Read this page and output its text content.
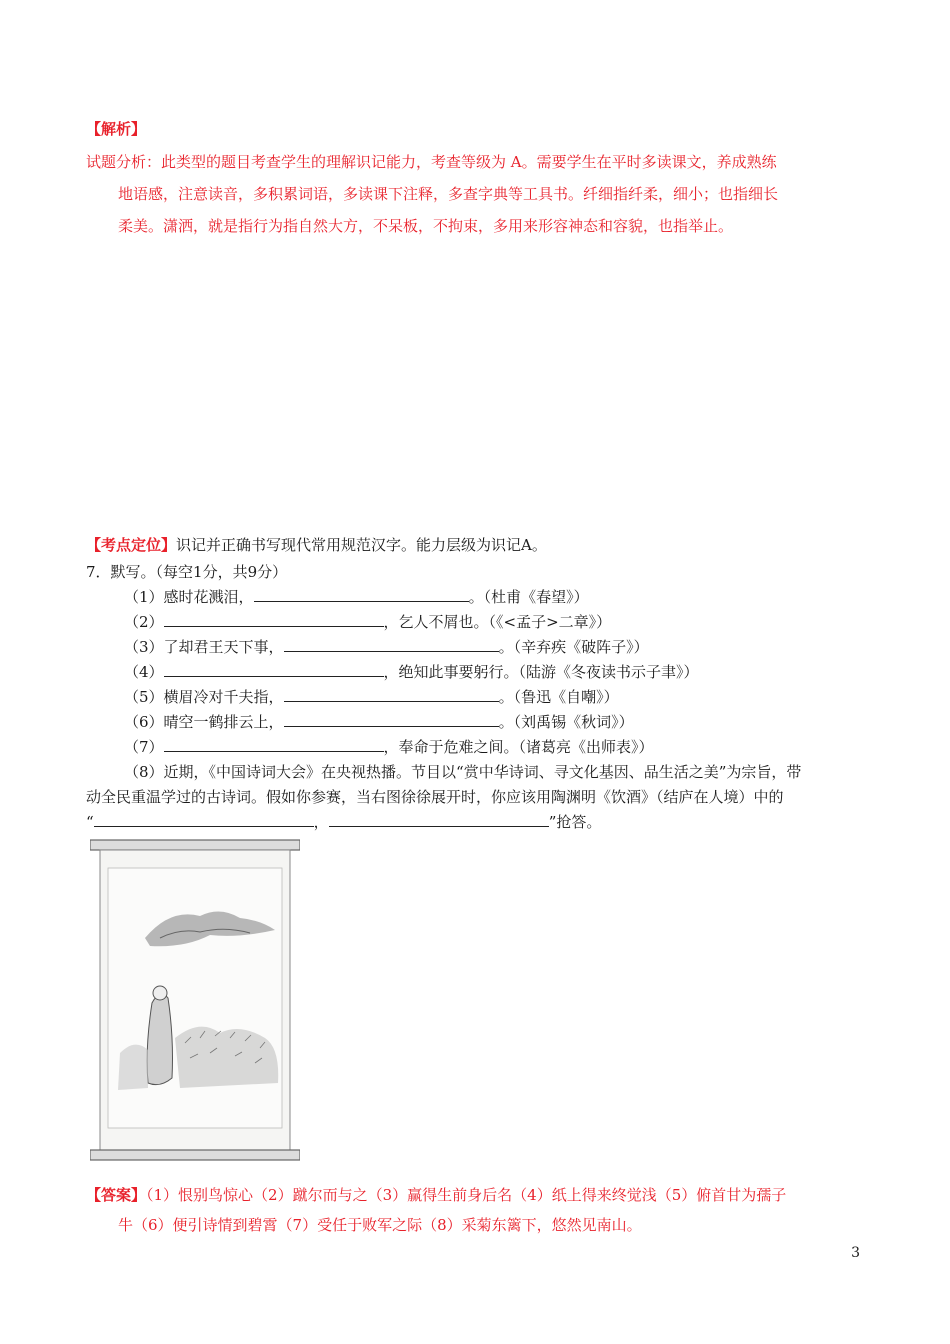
【解析】
试题分析：此类型的题目考查学生的理解识记能力，考查等级为 A。需要学生在平时多读课文，养成熟练
地语感，注意读音，多积累词语，多读课下注释，多查字典等工具书。纤细指纤柔，细小；也指细长
柔美。潇洒，就是指行为指自然大方，不呆板，不拘束，多用来形容神态和容貌，也指举止。
【考点定位】识记并正确书写现代常用规范汉字。能力层级为识记A。
7．默写。（每空1分，共9分）
（1）感时花溅泪，	。（杜甫《春望》）
（2）	，乞人不屑也。（《<孟子>二章》）
（3）了却君王天下事，	。（辛弃疾《破阵子》）
（4）	，绝知此事要躬行。（陆游《冬夜读书示子聿》）
（5）横眉冷对千夫指，	。（鲁迅《自嘲》）
（6）晴空一鹤排云上，	。（刘禹锡《秋词》）
（7）	，奉命于危难之间。（诸葛亮《出师表》）
（8）近期，《中国诗词大会》在央视热播。节目以“赏中华诗词、寻文化基因、品生活之美”为宗旨，带
动全民重温学过的古诗词。假如你参赛，当右图徐徐展开时，你应该用陶渊明《饮酒》（结庐在人境）中的
“	，	”抢答。
【答案】（1）恨别鸟惊心（2）蹴尔而与之（3）赢得生前身后名（4）纸上得来终觉浅（5）俯首甘为孺子
牛（6）便引诗情到碧霄（7）受任于败军之际（8）采菊东篱下，悠然见南山。
3
